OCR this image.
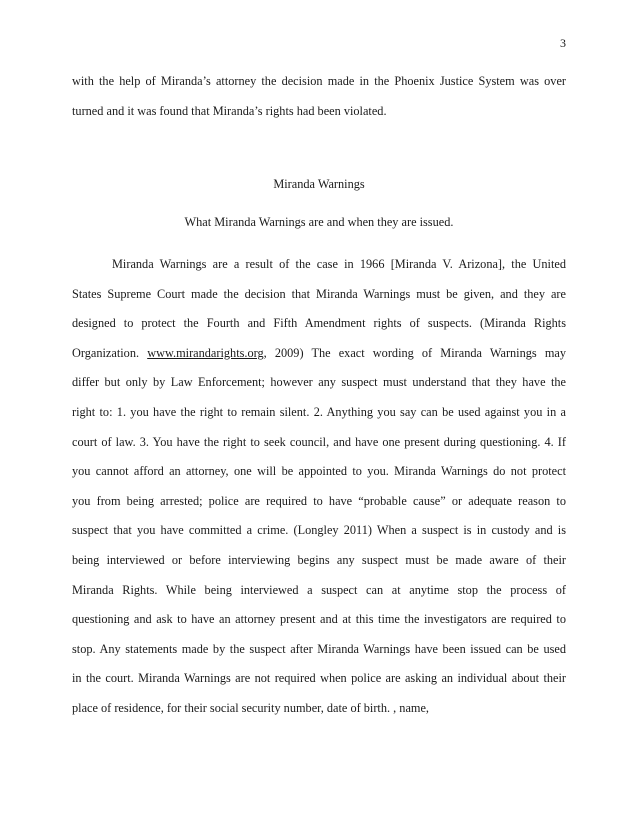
3
with the help of Miranda’s attorney the decision made in the Phoenix Justice System was over
turned and it was found that Miranda’s rights had been violated.
Miranda Warnings
What Miranda Warnings are and when they are issued.
Miranda Warnings are a result of the case in 1966 [Miranda V. Arizona], the United
States Supreme Court made the decision that Miranda Warnings must be given, and they are
designed to protect the Fourth and Fifth Amendment rights of suspects. (Miranda Rights
Organization. www.mirandarights.org, 2009) The exact wording of Miranda Warnings may
differ but only by Law Enforcement; however any suspect must understand that they have the
right to: 1. you have the right to remain silent. 2. Anything you say can be used against you in a
court of law. 3. You have the right to seek council, and have one present during questioning. 4. If
you cannot afford an attorney, one will be appointed to you. Miranda Warnings do not protect
you from being arrested; police are required to have “probable cause” or adequate reason to
suspect that you have committed a crime. (Longley 2011) When a suspect is in custody and is
being interviewed or before interviewing begins any suspect must be made aware of their
Miranda Rights. While being interviewed a suspect can at anytime stop the process of
questioning and ask to have an attorney present and at this time the investigators are required to
stop. Any statements made by the suspect after Miranda Warnings have been issued can be used
in the court. Miranda Warnings are not required when police are asking an individual about their
place of residence, for their social security number, date of birth. , name,
